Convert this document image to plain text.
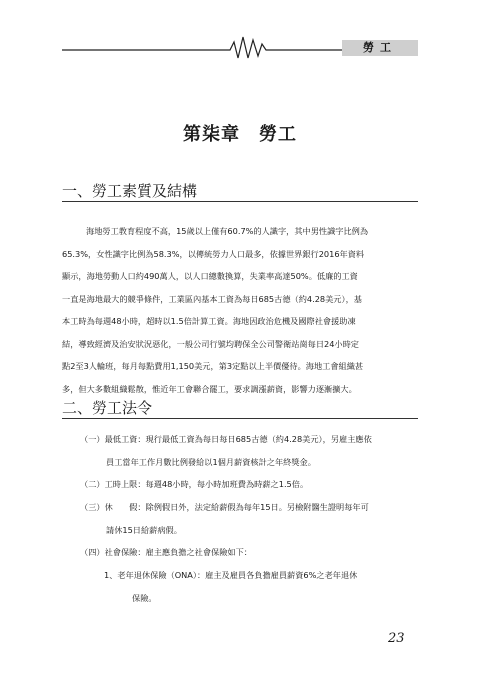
勞工
第柒章　勞工
一、勞工素質及結構
海地勞工教育程度不高，15歲以上僅有60.7%的人識字，其中男性識字比例為
65.3%，女性識字比例為58.3%，以傳統勞力人口最多，依據世界銀行2016年資料
顯示，海地勞動人口約490萬人，以人口總數換算，失業率高達50%。低廉的工資
一直是海地最大的競爭條件，工業區內基本工資為每日685古德（約4.28美元），基
本工時為每週48小時，超時以1.5倍計算工資。海地因政治危機及國際社會援助凍
結，導致經濟及治安狀況惡化，一般公司行號均聘保全公司警衛站崗每日24小時定
點2至3人輪班，每月每點費用1,150美元，第3定點以上半價優待。海地工會組織甚
多，但大多數組織鬆散，惟近年工會聯合罷工，要求調漲薪資，影響力逐漸擴大。
二、勞工法令
（一）最低工資：現行最低工資為每日每日685古德（約4.28美元），另雇主應依
員工當年工作月數比例發給以1個月薪資核計之年終獎金。
（二）工時上限：每週48小時，每小時加班費為時薪之1.5倍。
（三）休　　假：除例假日外，法定給薪假為每年15日。另檢附醫生證明每年可
請休15日給薪病假。
（四）社會保險：雇主應負擔之社會保險如下：
1、老年退休保險（ONA）：雇主及雇員各負擔雇員薪資6%之老年退休
保險。
23
